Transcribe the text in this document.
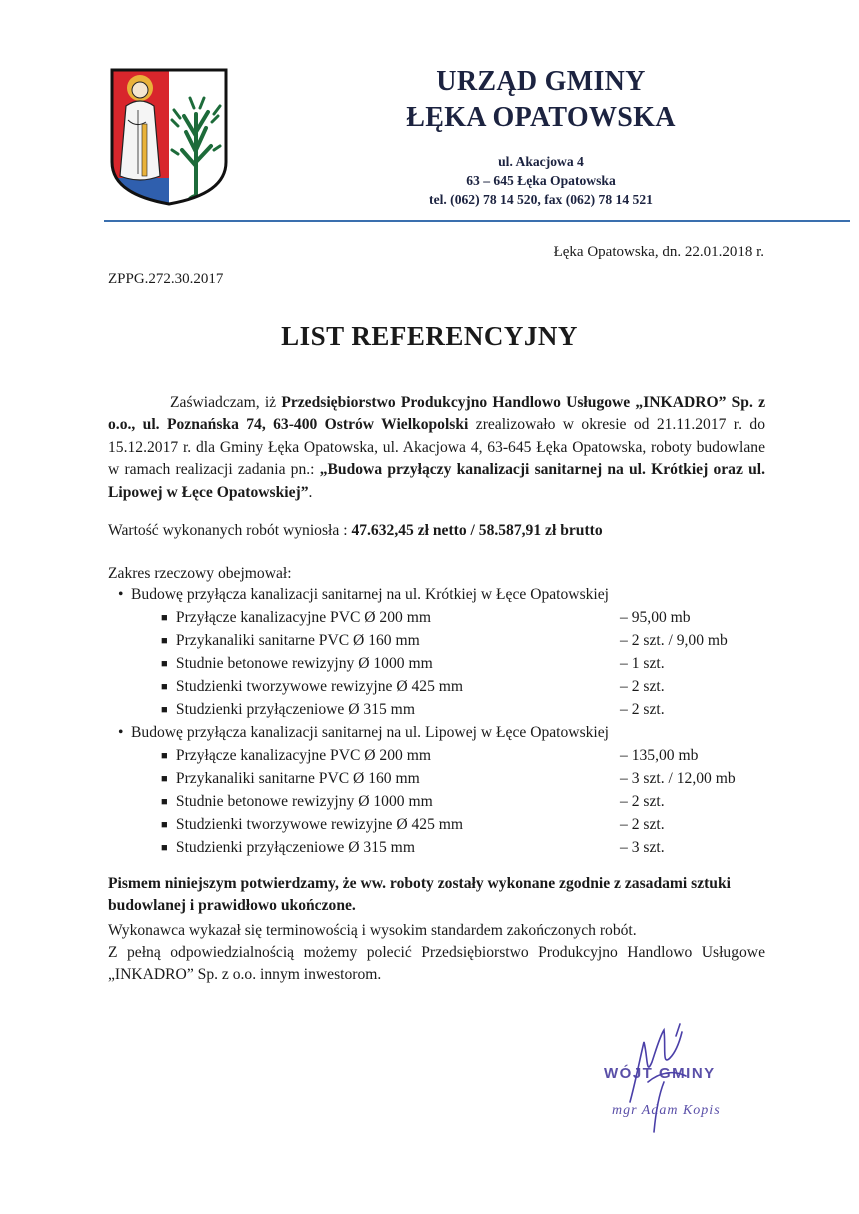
URZĄD GMINY
ŁĘKA OPATOWSKA
ul. Akacjowa 4
63 – 645 Łęka Opatowska
tel. (062) 78 14 520, fax (062) 78 14 521
Łęka Opatowska, dn. 22.01.2018 r.
ZPPG.272.30.2017
LIST REFERENCYJNY
Zaświadczam, iż Przedsiębiorstwo Produkcyjno Handlowo Usługowe „INKADRO” Sp. z o.o., ul. Poznańska 74, 63-400 Ostrów Wielkopolski zrealizowało w okresie od 21.11.2017 r. do 15.12.2017 r. dla Gminy Łęka Opatowska, ul. Akacjowa 4, 63-645 Łęka Opatowska, roboty budowlane w ramach realizacji zadania pn.: „Budowa przyłączy kanalizacji sanitarnej na ul. Krótkiej oraz ul. Lipowej w Łęce Opatowskiej”.
Wartość wykonanych robót wyniosła : 47.632,45 zł netto / 58.587,91 zł brutto
Zakres rzeczowy obejmował:
• Budowę przyłącza kanalizacji sanitarnej na ul. Krótkiej w Łęce Opatowskiej
■ Przyłącze kanalizacyjne PVC Ø 200 mm	– 95,00 mb
■ Przykanaliki sanitarne PVC Ø 160 mm	– 2 szt. / 9,00 mb
■ Studnie betonowe rewizyjny Ø 1000 mm	– 1 szt.
■ Studzienki tworzywowe rewizyjne Ø 425 mm	– 2 szt.
■ Studzienki przyłączeniowe Ø 315 mm	– 2 szt.
• Budowę przyłącza kanalizacji sanitarnej na ul. Lipowej w Łęce Opatowskiej
■ Przyłącze kanalizacyjne PVC Ø 200 mm	– 135,00 mb
■ Przykanaliki sanitarne PVC Ø 160 mm	– 3 szt. / 12,00 mb
■ Studnie betonowe rewizyjny Ø 1000 mm	– 2 szt.
■ Studzienki tworzywowe rewizyjne Ø 425 mm	– 2 szt.
■ Studzienki przyłączeniowe Ø 315 mm	– 3 szt.
Pismem niniejszym potwierdzamy, że ww. roboty zostały wykonane zgodnie z zasadami sztuki budowlanej i prawidłowo ukończone.
Wykonawca wykazał się terminowością i wysokim standardem zakończonych robót.
Z pełną odpowiedzialnością możemy polecić Przedsiębiorstwo Produkcyjno Handlowo Usługowe „INKADRO” Sp. z o.o. innym inwestorom.
WÓJT GMINY
mgr Adam Kopis
